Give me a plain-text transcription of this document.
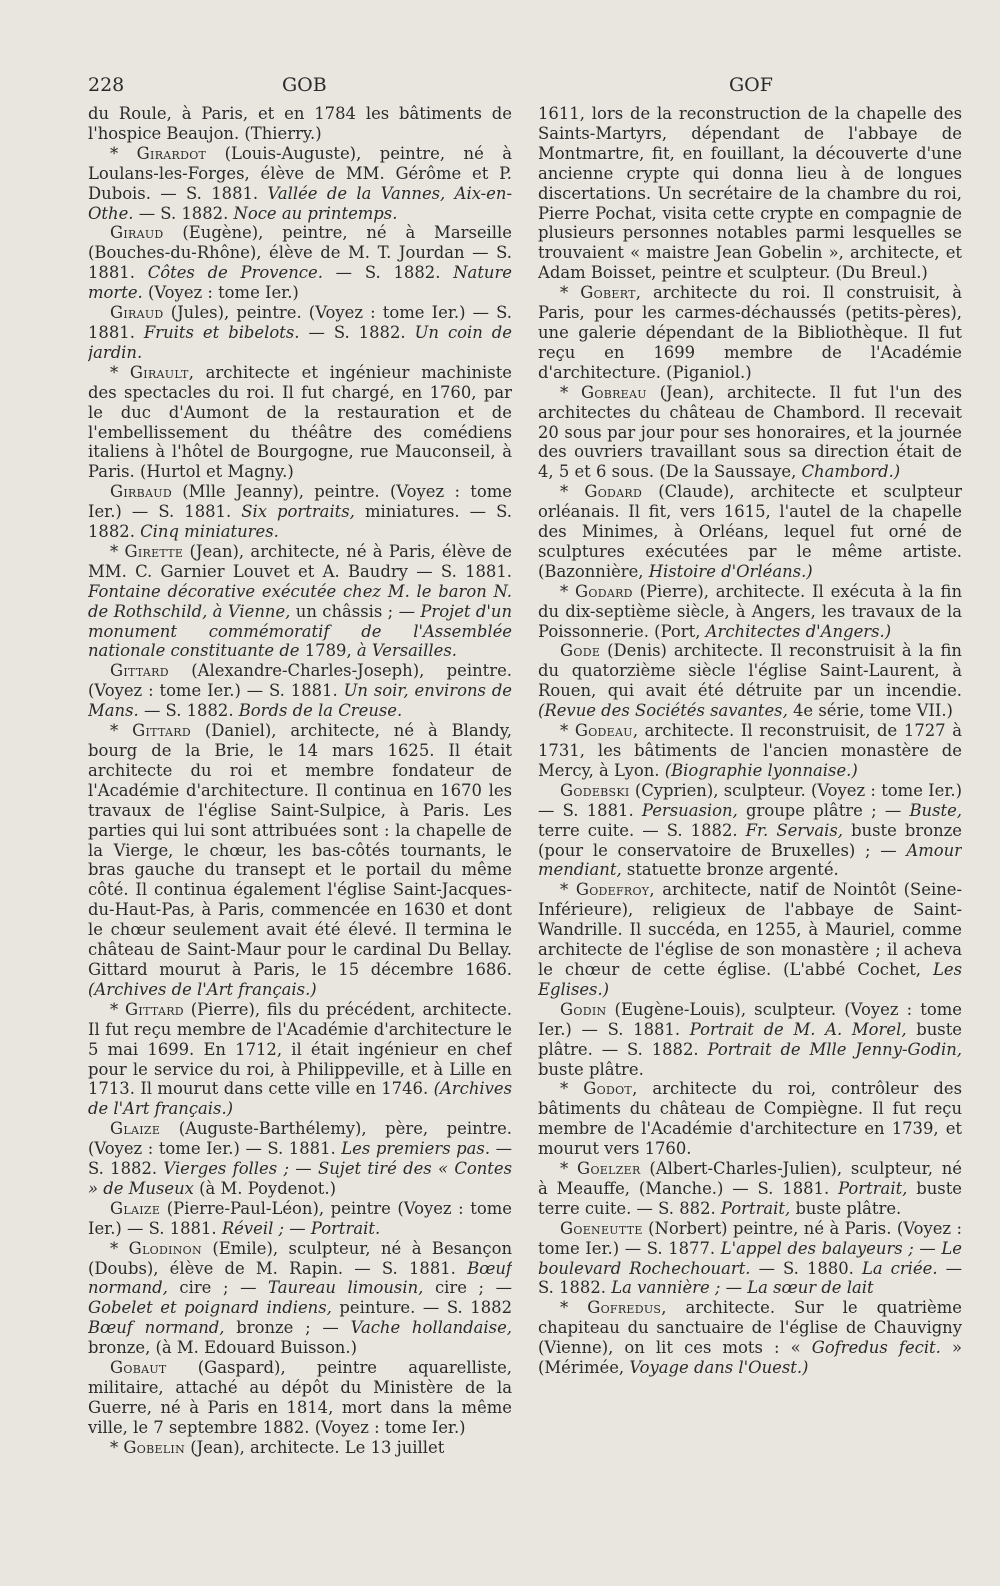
228	GOB	GOF

du Roule, à Paris, et en 1784 les bâtiments de l'hospice Beaujon. (Thierry.)

* Girardot (Louis-Auguste), peintre, né à Loulans-les-Forges, élève de MM. Gérôme et P. Dubois. — S. 1881. Vallée de la Vannes, Aix-en-Othe. — S. 1882. Noce au printemps.

Giraud (Eugène), peintre, né à Marseille (Bouches-du-Rhône), élève de M. T. Jourdan — S. 1881. Côtes de Provence. — S. 1882. Nature morte. (Voyez : tome Ier.)

Giraud (Jules), peintre. (Voyez : tome Ier.) — S. 1881. Fruits et bibelots. — S. 1882. Un coin de jardin.

* Girault, architecte et ingénieur machiniste des spectacles du roi. Il fut chargé, en 1760, par le duc d'Aumont de la restauration et de l'embellissement du théâtre des comédiens italiens à l'hôtel de Bourgogne, rue Mauconseil, à Paris. (Hurtol et Magny.)

Girbaud (Mlle Jeanny), peintre. (Voyez : tome Ier.) — S. 1881. Six portraits, miniatures. — S. 1882. Cinq miniatures.

* Girette (Jean), architecte, né à Paris, élève de MM. C. Garnier Louvet et A. Baudry — S. 1881. Fontaine décorative exécutée chez M. le baron N. de Rothschild, à Vienne, un châssis ; — Projet d'un monument commémoratif de l'Assemblée nationale constituante de 1789, à Versailles.

Gittard (Alexandre-Charles-Joseph), peintre. (Voyez : tome Ier.) — S. 1881. Un soir, environs de Mans. — S. 1882. Bords de la Creuse.

* Gittard (Daniel), architecte, né à Blandy, bourg de la Brie, le 14 mars 1625. Il était architecte du roi et membre fondateur de l'Académie d'architecture. Il continua en 1670 les travaux de l'église Saint-Sulpice, à Paris. Les parties qui lui sont attribuées sont : la chapelle de la Vierge, le chœur, les bas-côtés tournants, le bras gauche du transept et le portail du même côté. Il continua également l'église Saint-Jacques-du-Haut-Pas, à Paris, commencée en 1630 et dont le chœur seulement avait été élevé. Il termina le château de Saint-Maur pour le cardinal Du Bellay. Gittard mourut à Paris, le 15 décembre 1686. (Archives de l'Art français.)

* Gittard (Pierre), fils du précédent, architecte. Il fut reçu membre de l'Académie d'architecture le 5 mai 1699. En 1712, il était ingénieur en chef pour le service du roi, à Philippeville, et à Lille en 1713. Il mourut dans cette ville en 1746. (Archives de l'Art français.)

Glaize (Auguste-Barthélemy), père, peintre. (Voyez : tome Ier.) — S. 1881. Les premiers pas. — S. 1882. Vierges folles ; — Sujet tiré des « Contes » de Museux (à M. Poydenot.)

Glaize (Pierre-Paul-Léon), peintre (Voyez : tome Ier.) — S. 1881. Réveil ; — Portrait.

* Glodinon (Emile), sculpteur, né à Besançon (Doubs), élève de M. Rapin. — S. 1881. Bœuf normand, cire ; — Taureau limousin, cire ; — Gobelet et poignard indiens, peinture. — S. 1882 Bœuf normand, bronze ; — Vache hollandaise, bronze, (à M. Edouard Buisson.)

Gobaut (Gaspard), peintre aquarelliste, militaire, attaché au dépôt du Ministère de la Guerre, né à Paris en 1814, mort dans la même ville, le 7 septembre 1882. (Voyez : tome Ier.)

* Gobelin (Jean), architecte. Le 13 juillet

1611, lors de la reconstruction de la chapelle des Saints-Martyrs, dépendant de l'abbaye de Montmartre, fit, en fouillant, la découverte d'une ancienne crypte qui donna lieu à de longues discertations. Un secrétaire de la chambre du roi, Pierre Pochat, visita cette crypte en compagnie de plusieurs personnes notables parmi lesquelles se trouvaient « maistre Jean Gobelin », architecte, et Adam Boisset, peintre et sculpteur. (Du Breul.)

* Gobert, architecte du roi. Il construisit, à Paris, pour les carmes-déchaussés (petits-pères), une galerie dépendant de la Bibliothèque. Il fut reçu en 1699 membre de l'Académie d'architecture. (Piganiol.)

* Gobreau (Jean), architecte. Il fut l'un des architectes du château de Chambord. Il recevait 20 sous par jour pour ses honoraires, et la journée des ouvriers travaillant sous sa direction était de 4, 5 et 6 sous. (De la Saussaye, Chambord.)

* Godard (Claude), architecte et sculpteur orléanais. Il fit, vers 1615, l'autel de la chapelle des Minimes, à Orléans, lequel fut orné de sculptures exécutées par le même artiste. (Bazonnière, Histoire d'Orléans.)

* Godard (Pierre), architecte. Il exécuta à la fin du dix-septième siècle, à Angers, les travaux de la Poissonnerie. (Port, Architectes d'Angers.)

Gode (Denis) architecte. Il reconstruisit à la fin du quatorzième siècle l'église Saint-Laurent, à Rouen, qui avait été détruite par un incendie. (Revue des Sociétés savantes, 4e série, tome VII.)

* Godeau, architecte. Il reconstruisit, de 1727 à 1731, les bâtiments de l'ancien monastère de Mercy, à Lyon. (Biographie lyonnaise.)

Godebski (Cyprien), sculpteur. (Voyez : tome Ier.) — S. 1881. Persuasion, groupe plâtre ; — Buste, terre cuite. — S. 1882. Fr. Servais, buste bronze (pour le conservatoire de Bruxelles) ; — Amour mendiant, statuette bronze argenté.

* Godefroy, architecte, natif de Nointôt (Seine-Inférieure), religieux de l'abbaye de Saint-Wandrille. Il succéda, en 1255, à Mauriel, comme architecte de l'église de son monastère ; il acheva le chœur de cette église. (L'abbé Cochet, Les Eglises.)

Godin (Eugène-Louis), sculpteur. (Voyez : tome Ier.) — S. 1881. Portrait de M. A. Morel, buste plâtre. — S. 1882. Portrait de Mlle Jenny-Godin, buste plâtre.

* Godot, architecte du roi, contrôleur des bâtiments du château de Compiègne. Il fut reçu membre de l'Académie d'architecture en 1739, et mourut vers 1760.

* Goelzer (Albert-Charles-Julien), sculpteur, né à Meauffe, (Manche.) — S. 1881. Portrait, buste terre cuite. — S. 882. Portrait, buste plâtre.

Goeneutte (Norbert) peintre, né à Paris. (Voyez : tome Ier.) — S. 1877. L'appel des balayeurs ; — Le boulevard Rochechouart. — S. 1880. La criée. — S. 1882. La vannière ; — La sœur de lait

* Gofredus, architecte. Sur le quatrième chapiteau du sanctuaire de l'église de Chauvigny (Vienne), on lit ces mots : « Gofredus fecit. » (Mérimée, Voyage dans l'Ouest.)
